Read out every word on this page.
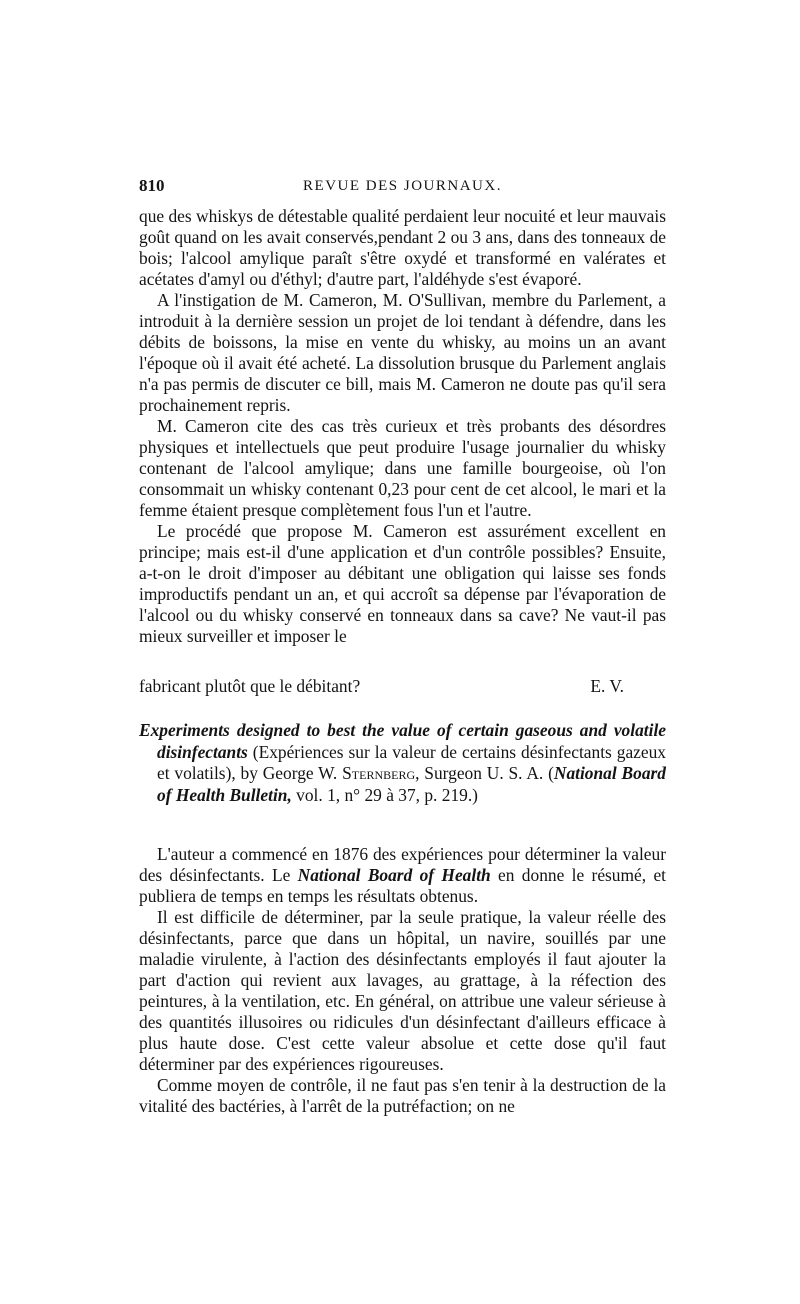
810	REVUE DES JOURNAUX.

que des whiskys de détestable qualité perdaient leur nocuité et leur mauvais goût quand on les avait conservés,pendant 2 ou 3 ans, dans des tonneaux de bois; l'alcool amylique paraît s'être oxydé et transformé en valérates et acétates d'amyl ou d'éthyl; d'autre part, l'aldéhyde s'est évaporé.

A l'instigation de M. Cameron, M. O'Sullivan, membre du Parlement, a introduit à la dernière session un projet de loi tendant à défendre, dans les débits de boissons, la mise en vente du whisky, au moins un an avant l'époque où il avait été acheté. La dissolution brusque du Parlement anglais n'a pas permis de discuter ce bill, mais M. Cameron ne doute pas qu'il sera prochainement repris.

M. Cameron cite des cas très curieux et très probants des désordres physiques et intellectuels que peut produire l'usage journalier du whisky contenant de l'alcool amylique; dans une famille bourgeoise, où l'on consommait un whisky contenant 0,23 pour cent de cet alcool, le mari et la femme étaient presque complètement fous l'un et l'autre.

Le procédé que propose M. Cameron est assurément excellent en principe; mais est-il d'une application et d'un contrôle possibles? Ensuite, a-t-on le droit d'imposer au débitant une obligation qui laisse ses fonds improductifs pendant un an, et qui accroît sa dépense par l'évaporation de l'alcool ou du whisky conservé en tonneaux dans sa cave? Ne vaut-il pas mieux surveiller et imposer le

fabricant plutôt que le débitant?	E. V.
Experiments designed to best the value of certain gaseous and volatile disinfectants (Expériences sur la valeur de certains désinfectants gazeux et volatils), by George W. Sternberg, Surgeon U. S. A. (National Board of Health Bulletin, vol. 1, n° 29 à 37, p. 219.)

L'auteur a commencé en 1876 des expériences pour déterminer la valeur des désinfectants. Le National Board of Health en donne le résumé, et publiera de temps en temps les résultats obtenus.

Il est difficile de déterminer, par la seule pratique, la valeur réelle des désinfectants, parce que dans un hôpital, un navire, souillés par une maladie virulente, à l'action des désinfectants employés il faut ajouter la part d'action qui revient aux lavages, au grattage, à la réfection des peintures, à la ventilation, etc. En général, on attribue une valeur sérieuse à des quantités illusoires ou ridicules d'un désinfectant d'ailleurs efficace à plus haute dose. C'est cette valeur absolue et cette dose qu'il faut déterminer par des expériences rigoureuses.

Comme moyen de contrôle, il ne faut pas s'en tenir à la destruction de la vitalité des bactéries, à l'arrêt de la putréfaction; on ne
